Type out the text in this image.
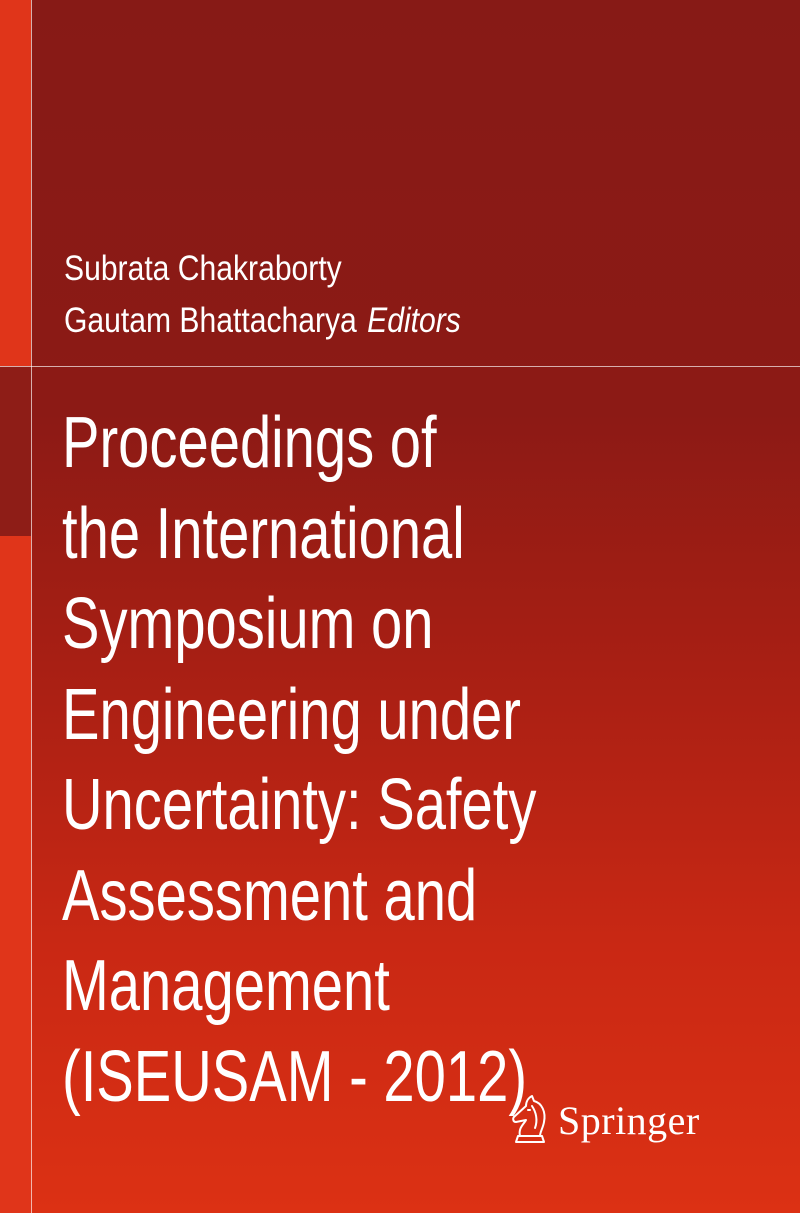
Subrata Chakraborty
Gautam Bhattacharya Editors
Proceedings of
the International
Symposium on
Engineering under
Uncertainty: Safety
Assessment and
Management
(ISEUSAM - 2012)
Springer
